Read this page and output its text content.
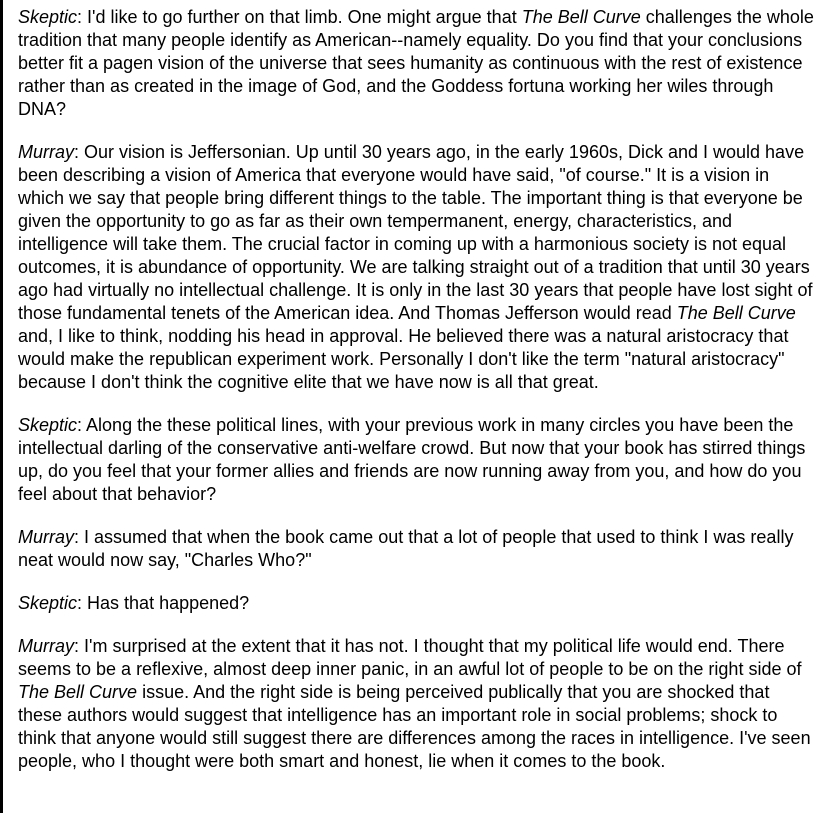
Skeptic: I'd like to go further on that limb. One might argue that The Bell Curve challenges the whole tradition that many people identify as American--namely equality. Do you find that your conclusions better fit a pagen vision of the universe that sees humanity as continuous with the rest of existence rather than as created in the image of God, and the Goddess fortuna working her wiles through DNA?

Murray: Our vision is Jeffersonian. Up until 30 years ago, in the early 1960s, Dick and I would have been describing a vision of America that everyone would have said, "of course." It is a vision in which we say that people bring different things to the table. The important thing is that everyone be given the opportunity to go as far as their own tempermanent, energy, characteristics, and intelligence will take them. The crucial factor in coming up with a harmonious society is not equal outcomes, it is abundance of opportunity. We are talking straight out of a tradition that until 30 years ago had virtually no intellectual challenge. It is only in the last 30 years that people have lost sight of those fundamental tenets of the American idea. And Thomas Jefferson would read The Bell Curve and, I like to think, nodding his head in approval. He believed there was a natural aristocracy that would make the republican experiment work. Personally I don't like the term "natural aristocracy" because I don't think the cognitive elite that we have now is all that great.

Skeptic: Along the these political lines, with your previous work in many circles you have been the intellectual darling of the conservative anti-welfare crowd. But now that your book has stirred things up, do you feel that your former allies and friends are now running away from you, and how do you feel about that behavior?

Murray: I assumed that when the book came out that a lot of people that used to think I was really neat would now say, "Charles Who?"

Skeptic: Has that happened?

Murray: I'm surprised at the extent that it has not. I thought that my political life would end. There seems to be a reflexive, almost deep inner panic, in an awful lot of people to be on the right side of The Bell Curve issue. And the right side is being perceived publically that you are shocked that these authors would suggest that intelligence has an important role in social problems; shock to think that anyone would still suggest there are differences among the races in intelligence. I've seen people, who I thought were both smart and honest, lie when it comes to the book.
